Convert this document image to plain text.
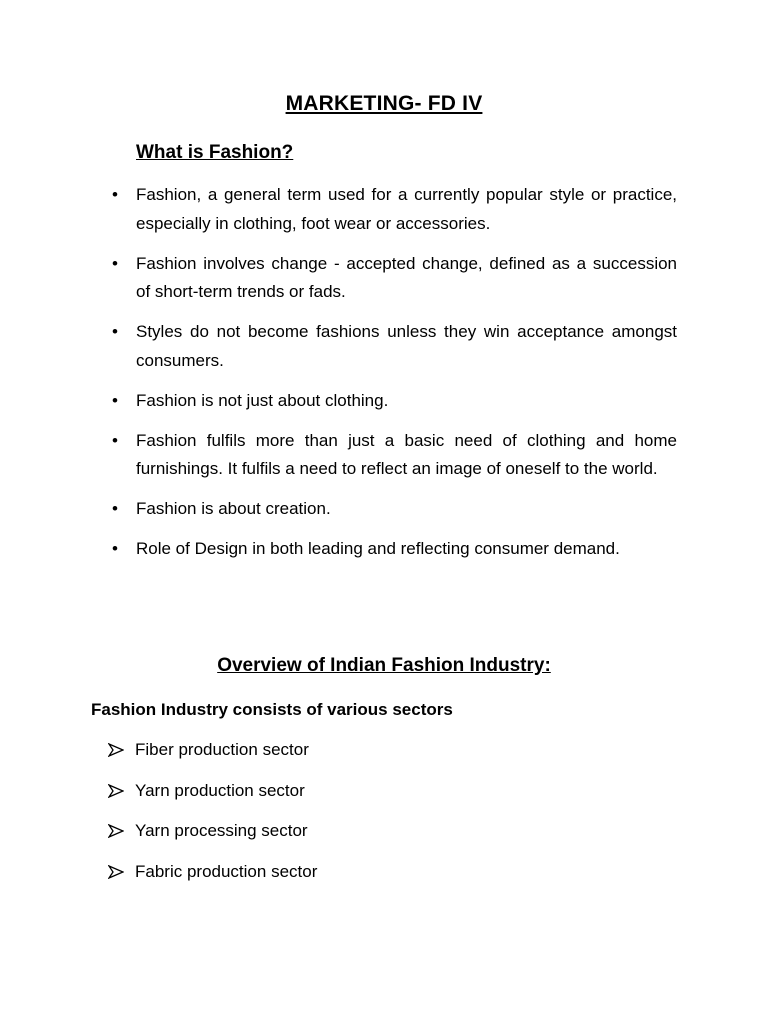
MARKETING- FD IV
What is Fashion?
• Fashion, a general term used for a currently popular style or practice, especially in clothing, foot wear or accessories.
• Fashion involves change - accepted change, defined as a succession of short-term trends or fads.
• Styles do not become fashions unless they win acceptance amongst consumers.
• Fashion is not just about clothing.
• Fashion fulfils more than just a basic need of clothing and home furnishings. It fulfils a need to reflect an image of oneself to the world.
• Fashion is about creation.
• Role of Design in both leading and reflecting consumer demand.
Overview of Indian Fashion Industry:
Fashion Industry consists of various sectors
Fiber production sector
Yarn production sector
Yarn processing sector
Fabric production sector
